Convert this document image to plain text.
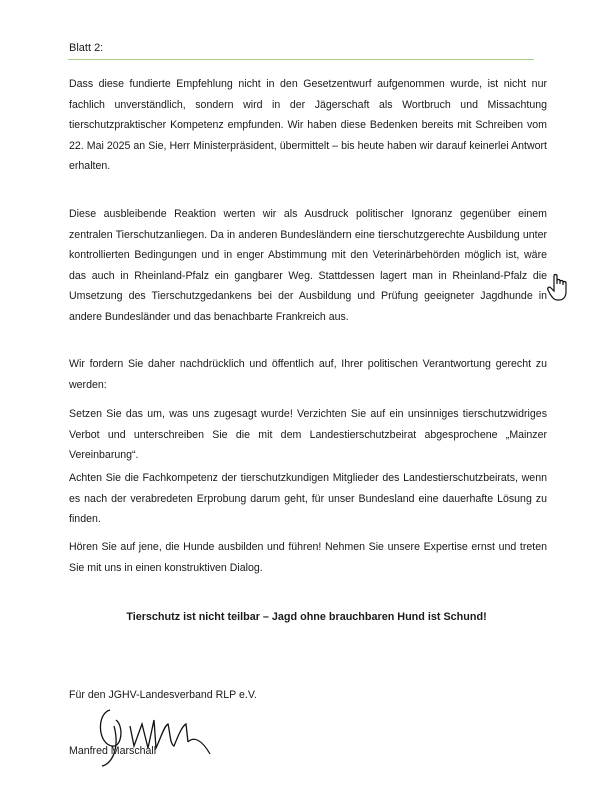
Blatt 2:

Dass diese fundierte Empfehlung nicht in den Gesetzentwurf aufgenommen wurde, ist nicht nur fachlich unverständlich, sondern wird in der Jägerschaft als Wortbruch und Missachtung tierschutzpraktischer Kompetenz empfunden. Wir haben diese Bedenken bereits mit Schreiben vom 22. Mai 2025 an Sie, Herr Ministerpräsident, übermittelt – bis heute haben wir darauf keinerlei Antwort erhalten.

Diese ausbleibende Reaktion werten wir als Ausdruck politischer Ignoranz gegenüber einem zentralen Tierschutzanliegen. Da in anderen Bundesländern eine tierschutzgerechte Ausbildung unter kontrollierten Bedingungen und in enger Abstimmung mit den Veterinärbehörden möglich ist, wäre das auch in Rheinland-Pfalz ein gangbarer Weg. Stattdessen lagert man in Rheinland-Pfalz die Umsetzung des Tierschutzgedankens bei der Ausbildung und Prüfung geeigneter Jagdhunde in andere Bundesländer und das benachbarte Frankreich aus.

Wir fordern Sie daher nachdrücklich und öffentlich auf, Ihrer politischen Verantwortung gerecht zu werden:

Setzen Sie das um, was uns zugesagt wurde! Verzichten Sie auf ein unsinniges tierschutzwidriges Verbot und unterschreiben Sie die mit dem Landestierschutzbeirat abgesprochene „Mainzer Vereinbarung“.

Achten Sie die Fachkompetenz der tierschutzkundigen Mitglieder des Landestierschutzbeirats, wenn es nach der verabredeten Erprobung darum geht, für unser Bundesland eine dauerhafte Lösung zu finden.

Hören Sie auf jene, die Hunde ausbilden und führen! Nehmen Sie unsere Expertise ernst und treten Sie mit uns in einen konstruktiven Dialog.

Tierschutz ist nicht teilbar – Jagd ohne brauchbaren Hund ist Schund!
Für den JGHV-Landesverband RLP e.V.
Manfred Marschall
